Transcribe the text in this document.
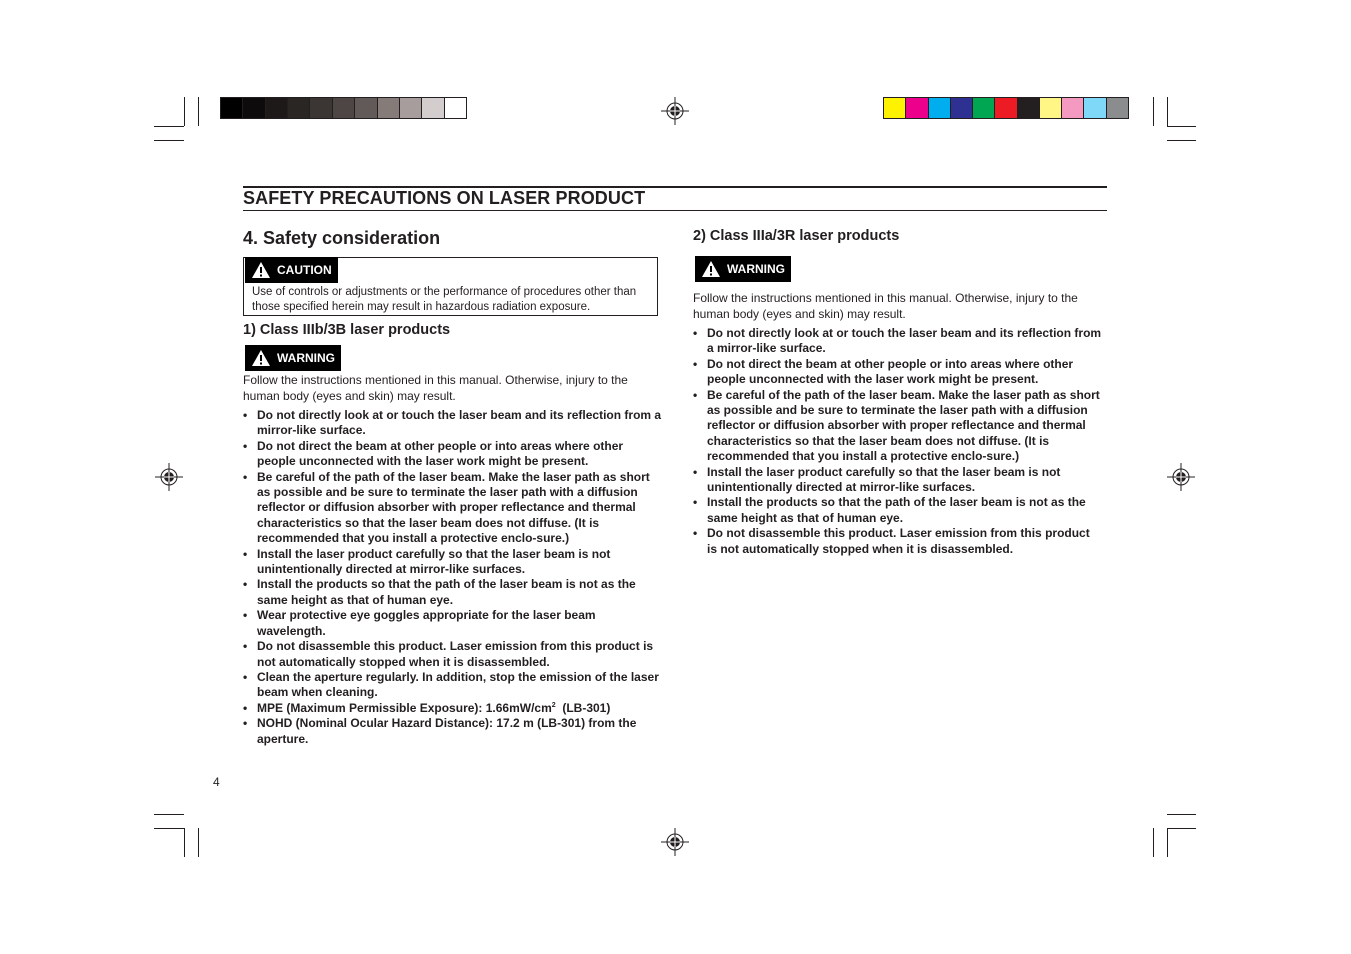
SAFETY PRECAUTIONS ON LASER PRODUCT
4. Safety consideration
CAUTION
Use of controls or adjustments or the performance of procedures other than those specified herein may result in hazardous radiation exposure.
1) Class IIIb/3B laser products
WARNING
Follow the instructions mentioned in this manual. Otherwise, injury to the human body (eyes and skin) may result.
• Do not directly look at or touch the laser beam and its reflection from a mirror-like surface.
• Do not direct the beam at other people or into areas where other people unconnected with the laser work might be present.
• Be careful of the path of the laser beam. Make the laser path as short as possible and be sure to terminate the laser path with a diffusion reflector or diffusion absorber with proper reflectance and thermal characteristics so that the laser beam does not diffuse. (It is recommended that you install a protective enclo-sure.)
• Install the laser product carefully so that the laser beam is not unintentionally directed at mirror-like surfaces.
• Install the products so that the path of the laser beam is not as the same height as that of human eye.
• Wear protective eye goggles appropriate for the laser beam wavelength.
• Do not disassemble this product. Laser emission from this product is not automatically stopped when it is disassembled.
• Clean the aperture regularly. In addition, stop the emission of the laser beam when cleaning.
• MPE (Maximum Permissible Exposure): $1.66mW/cm^2$  (LB-301)
• NOHD (Nominal Ocular Hazard Distance): 17.2 m (LB-301) from the aperture.
2) Class IIIa/3R laser products
WARNING
Follow the instructions mentioned in this manual. Otherwise, injury to the human body (eyes and skin) may result.
• Do not directly look at or touch the laser beam and its reflection from a mirror-like surface.
• Do not direct the beam at other people or into areas where other people unconnected with the laser work might be present.
• Be careful of the path of the laser beam. Make the laser path as short as possible and be sure to terminate the laser path with a diffusion reflector or diffusion absorber with proper reflectance and thermal characteristics so that the laser beam does not diffuse. (It is recommended that you install a protective enclo-sure.)
• Install the laser product carefully so that the laser beam is not unintentionally directed at mirror-like surfaces.
• Install the products so that the path of the laser beam is not as the same height as that of human eye.
• Do not disassemble this product. Laser emission from this product is not automatically stopped when it is disassembled.
4
